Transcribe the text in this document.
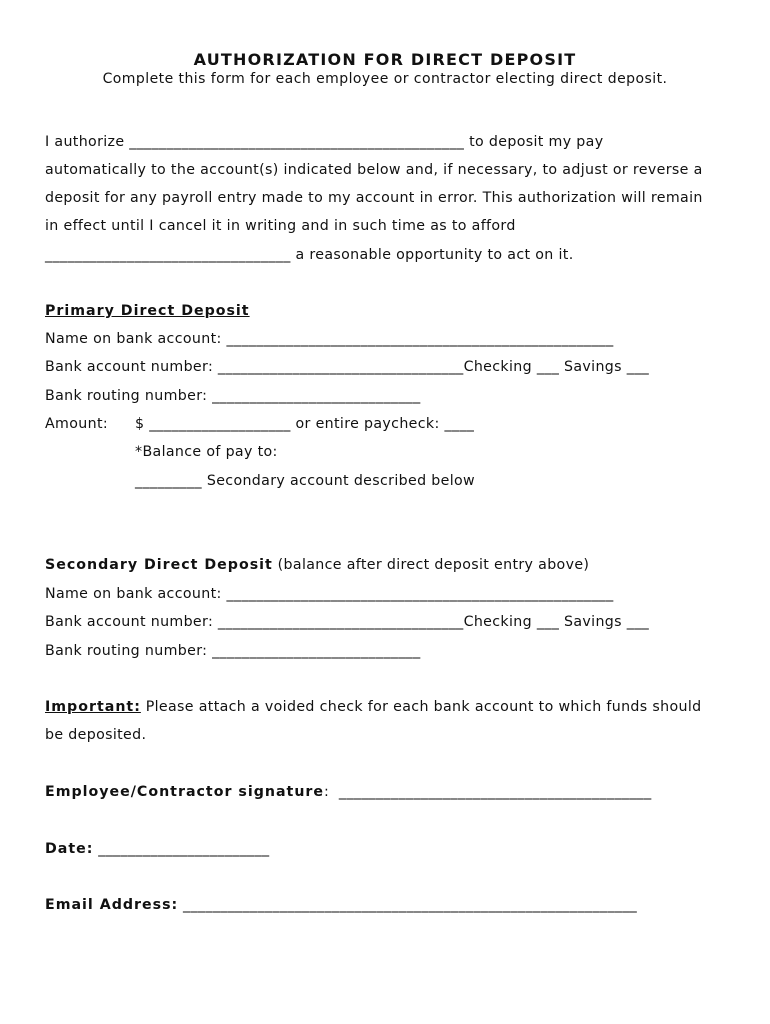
AUTHORIZATION FOR DIRECT DEPOSIT
Complete this form for each employee or contractor electing direct deposit.
I authorize _____________________________________________ to deposit my pay
automatically to the account(s) indicated below and, if necessary, to adjust or reverse a
deposit for any payroll entry made to my account in error. This authorization will remain
in effect until I cancel it in writing and in such time as to afford
_________________________________ a reasonable opportunity to act on it.
Primary Direct Deposit
Name on bank account: ____________________________________________________
Bank account number: _________________________________Checking ___ Savings ___
Bank routing number: ____________________________
Amount: $ ___________________ or entire paycheck: ____
*Balance of pay to:
_________ Secondary account described below
Secondary Direct Deposit (balance after direct deposit entry above)
Name on bank account: ____________________________________________________
Bank account number: _________________________________Checking ___ Savings ___
Bank routing number: ____________________________
Important: Please attach a voided check for each bank account to which funds should
be deposited.
Employee/Contractor signature:  __________________________________________
Date: _______________________
Email Address: _____________________________________________________________
